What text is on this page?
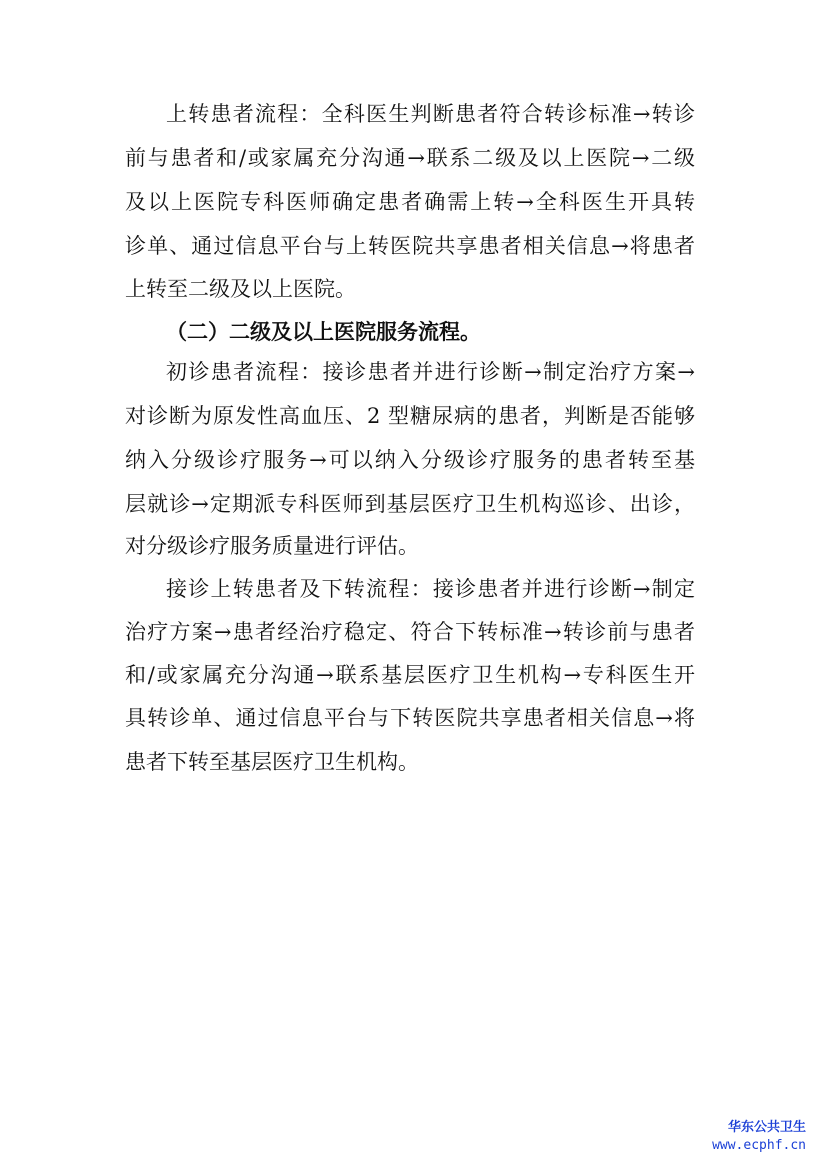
上转患者流程：全科医生判断患者符合转诊标准→转诊
前与患者和/或家属充分沟通→联系二级及以上医院→二级
及以上医院专科医师确定患者确需上转→全科医生开具转
诊单、通过信息平台与上转医院共享患者相关信息→将患者
上转至二级及以上医院。
（二）二级及以上医院服务流程。
初诊患者流程：接诊患者并进行诊断→制定治疗方案→
对诊断为原发性高血压、2 型糖尿病的患者，判断是否能够
纳入分级诊疗服务→可以纳入分级诊疗服务的患者转至基
层就诊→定期派专科医师到基层医疗卫生机构巡诊、出诊，
对分级诊疗服务质量进行评估。
接诊上转患者及下转流程：接诊患者并进行诊断→制定
治疗方案→患者经治疗稳定、符合下转标准→转诊前与患者
和/或家属充分沟通→联系基层医疗卫生机构→专科医生开
具转诊单、通过信息平台与下转医院共享患者相关信息→将
患者下转至基层医疗卫生机构。
华东公共卫生
www.ecphf.cn
